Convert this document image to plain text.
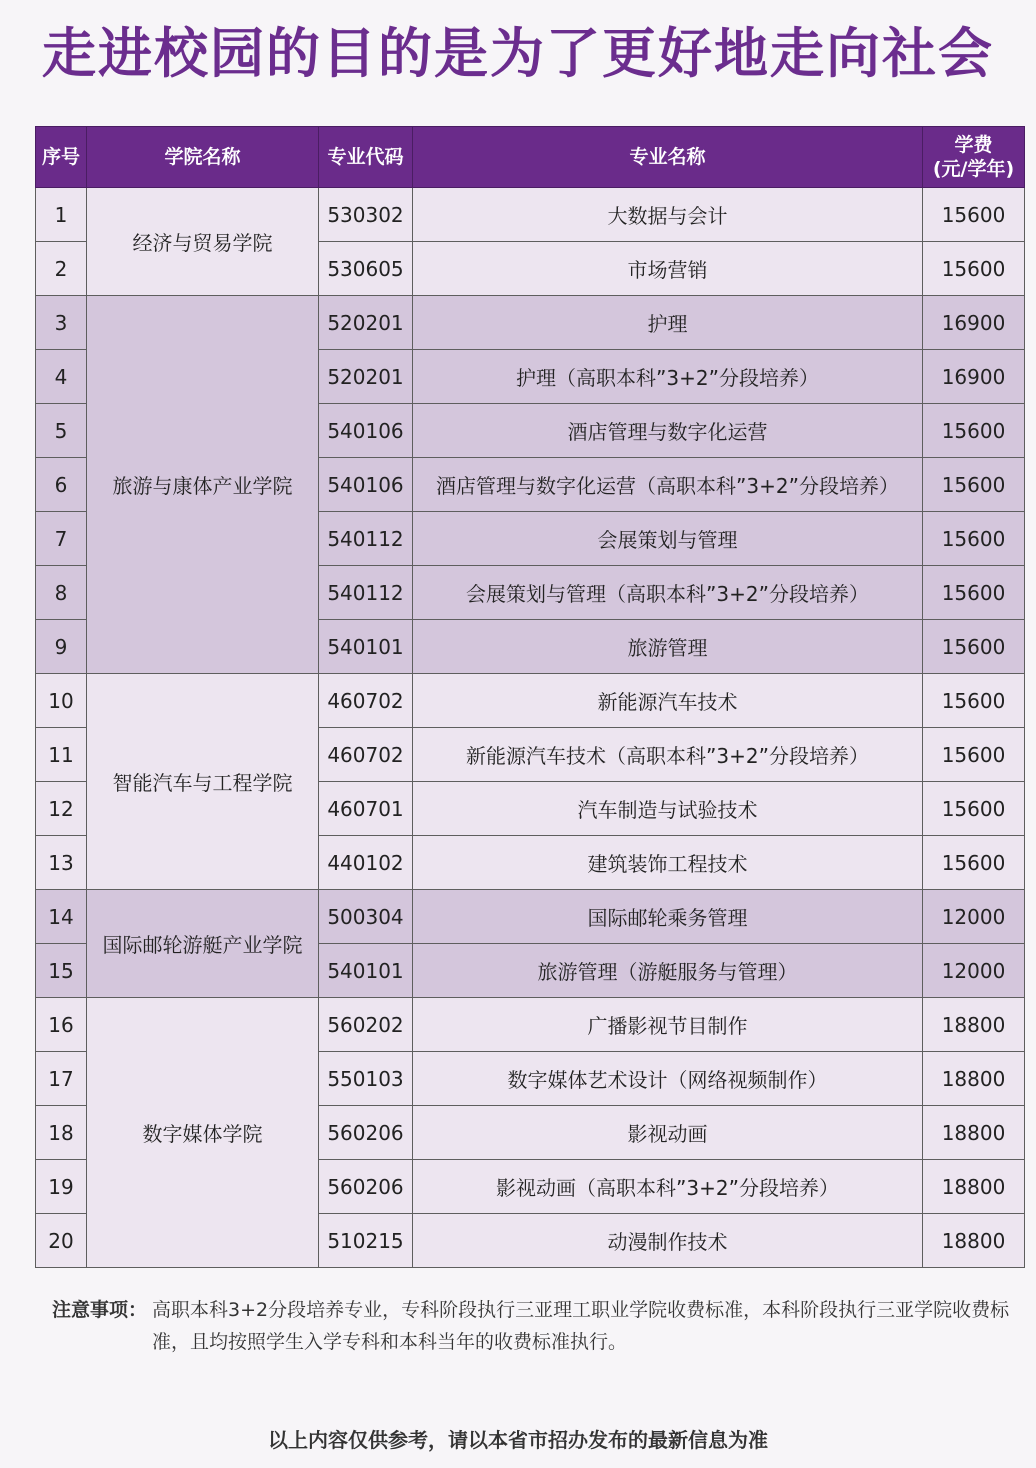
走进校园的目的是为了更好地走向社会
序号	学院名称	专业代码	专业名称	学费
(元/学年)

1	经济与贸易学院	530302	大数据与会计	15600
2		530605	市场营销	15600
3	旅游与康体产业学院	520201	护理	16900
4		520201	护理（高职本科”3+2”分段培养）	16900
5		540106	酒店管理与数字化运营	15600
6		540106	酒店管理与数字化运营（高职本科”3+2”分段培养）	15600
7		540112	会展策划与管理	15600
8		540112	会展策划与管理（高职本科”3+2”分段培养）	15600
9		540101	旅游管理	15600
10	智能汽车与工程学院	460702	新能源汽车技术	15600
11		460702	新能源汽车技术（高职本科”3+2”分段培养）	15600
12		460701	汽车制造与试验技术	15600
13		440102	建筑装饰工程技术	15600
14	国际邮轮游艇产业学院	500304	国际邮轮乘务管理	12000
15		540101	旅游管理（游艇服务与管理）	12000
16	数字媒体学院	560202	广播影视节目制作	18800
17		550103	数字媒体艺术设计（网络视频制作）	18800
18		560206	影视动画	18800
19		560206	影视动画（高职本科”3+2”分段培养）	18800
20		510215	动漫制作技术	18800
注意事项： 高职本科3+2分段培养专业，专科阶段执行三亚理工职业学院收费标准，本科阶段执行三亚学院收费标准，且均按照学生入学专科和本科当年的收费标准执行。
以上内容仅供参考，请以本省市招办发布的最新信息为准
